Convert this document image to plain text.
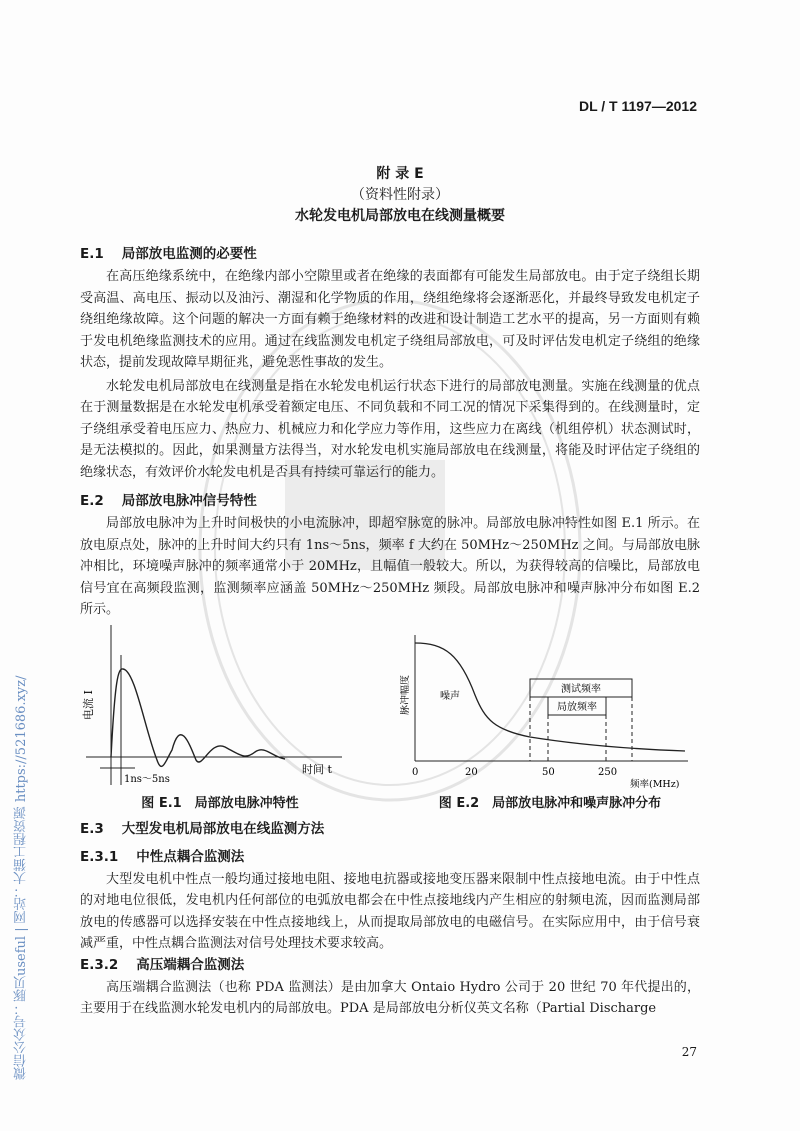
DL / T 1197—2012
附 录 E
（资料性附录）
水轮发电机局部放电在线测量概要
E.1 局部放电监测的必要性

在高压绝缘系统中，在绝缘内部小空隙里或者在绝缘的表面都有可能发生局部放电。由于定子绕组长期受高温、高电压、振动以及油污、潮湿和化学物质的作用，绕组绝缘将会逐渐恶化，并最终导致发电机定子绕组绝缘故障。这个问题的解决一方面有赖于绝缘材料的改进和设计制造工艺水平的提高，另一方面则有赖于发电机绝缘监测技术的应用。通过在线监测发电机定子绕组局部放电，可及时评估发电机定子绕组的绝缘状态，提前发现故障早期征兆，避免恶性事故的发生。

水轮发电机局部放电在线测量是指在水轮发电机运行状态下进行的局部放电测量。实施在线测量的优点在于测量数据是在水轮发电机承受着额定电压、不同负载和不同工况的情况下采集得到的。在线测量时，定子绕组承受着电压应力、热应力、机械应力和化学应力等作用，这些应力在离线（机组停机）状态测试时，是无法模拟的。因此，如果测量方法得当，对水轮发电机实施局部放电在线测量，将能及时评估定子绕组的绝缘状态，有效评价水轮发电机是否具有持续可靠运行的能力。

E.2 局部放电脉冲信号特性

局部放电脉冲为上升时间极快的小电流脉冲，即超窄脉宽的脉冲。局部放电脉冲特性如图 E.1 所示。在放电原点处，脉冲的上升时间大约只有 1ns～5ns，频率 f 大约在 50MHz～250MHz 之间。与局部放电脉冲相比，环境噪声脉冲的频率通常小于 20MHz，且幅值一般较大。所以，为获得较高的信噪比，局部放电信号宜在高频段监测，监测频率应涵盖 50MHz～250MHz 频段。局部放电脉冲和噪声脉冲分布如图 E.2 所示。

电流 I
时间 t
1ns～5ns
图 E.1　局部放电脉冲特性
测试频率
局放频率
脉冲幅度	噪声
0	20	50	250
频率(MHz)
图 E.2　局部放电脉冲和噪声脉冲分布
E.3 大型发电机局部放电在线监测方法
E.3.1 中性点耦合监测法

大型发电机中性点一般均通过接地电阻、接地电抗器或接地变压器来限制中性点接地电流。由于中性点的对地电位很低，发电机内任何部位的电弧放电都会在中性点接地线内产生相应的射频电流，因而监测局部放电的传感器可以选择安装在中性点接地线上，从而提取局部放电的电磁信号。在实际应用中，由于信号衰减严重，中性点耦合监测法对信号处理技术要求较高。

E.3.2 高压端耦合监测法

高压端耦合监测法（也称 PDA 监测法）是由加拿大 Ontaio Hydro 公司于 20 世纪 70 年代提出的，主要用于在线监测水轮发电机内的局部放电。PDA 是局部放电分析仪英文名称（Partial Discharge

27
微信公众号：豚贝useful | 网站：大猫工程资源 https://521686.xyz/
